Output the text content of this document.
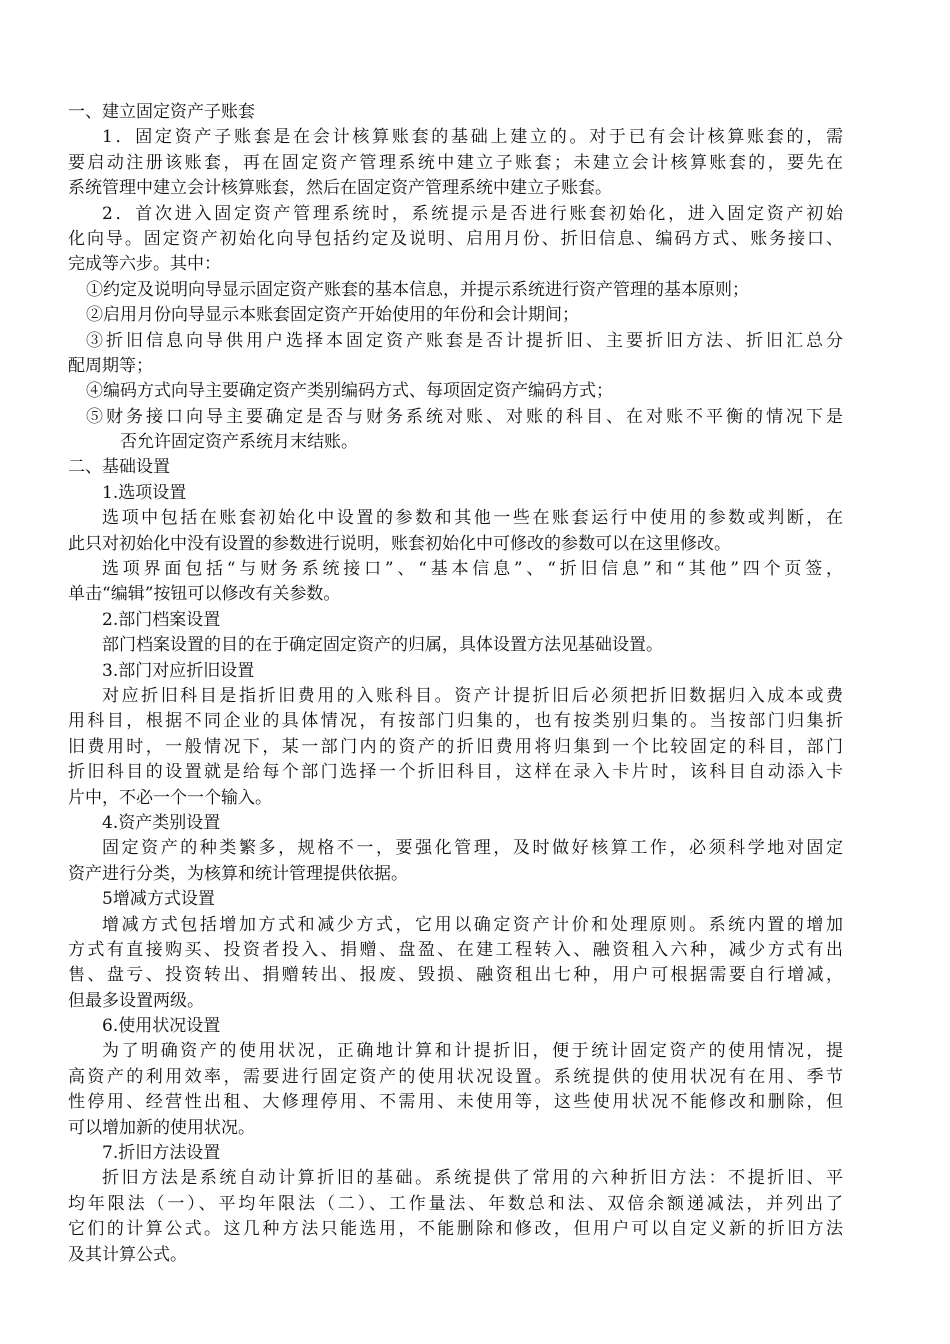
一、建立固定资产子账套
1．固定资产子账套是在会计核算账套的基础上建立的。对于已有会计核算账套的，需
要启动注册该账套，再在固定资产管理系统中建立子账套；未建立会计核算账套的，要先在
系统管理中建立会计核算账套，然后在固定资产管理系统中建立子账套。
2．首次进入固定资产管理系统时，系统提示是否进行账套初始化，进入固定资产初始
化向导。固定资产初始化向导包括约定及说明、启用月份、折旧信息、编码方式、账务接口、
完成等六步。其中：
①约定及说明向导显示固定资产账套的基本信息，并提示系统进行资产管理的基本原则；
②启用月份向导显示本账套固定资产开始使用的年份和会计期间；
③折旧信息向导供用户选择本固定资产账套是否计提折旧、主要折旧方法、折旧汇总分
配周期等；
④编码方式向导主要确定资产类别编码方式、每项固定资产编码方式；
⑤财务接口向导主要确定是否与财务系统对账、对账的科目、在对账不平衡的情况下是
否允许固定资产系统月末结账。
二、基础设置
1.选项设置
选项中包括在账套初始化中设置的参数和其他一些在账套运行中使用的参数或判断，在
此只对初始化中没有设置的参数进行说明，账套初始化中可修改的参数可以在这里修改。
选项界面包括“与财务系统接口”、“基本信息”、“折旧信息”和“其他”四个页签，
单击“编辑”按钮可以修改有关参数。
2.部门档案设置
部门档案设置的目的在于确定固定资产的归属，具体设置方法见基础设置。
3.部门对应折旧设置
对应折旧科目是指折旧费用的入账科目。资产计提折旧后必须把折旧数据归入成本或费
用科目，根据不同企业的具体情况，有按部门归集的，也有按类别归集的。当按部门归集折
旧费用时，一般情况下，某一部门内的资产的折旧费用将归集到一个比较固定的科目，部门
折旧科目的设置就是给每个部门选择一个折旧科目，这样在录入卡片时，该科目自动添入卡
片中，不必一个一个输入。
4.资产类别设置
固定资产的种类繁多，规格不一，要强化管理，及时做好核算工作，必须科学地对固定
资产进行分类，为核算和统计管理提供依据。
5增减方式设置
增减方式包括增加方式和减少方式，它用以确定资产计价和处理原则。系统内置的增加
方式有直接购买、投资者投入、捐赠、盘盈、在建工程转入、融资租入六种，减少方式有出
售、盘亏、投资转出、捐赠转出、报废、毁损、融资租出七种，用户可根据需要自行增减，
但最多设置两级。
6.使用状况设置
为了明确资产的使用状况，正确地计算和计提折旧，便于统计固定资产的使用情况，提
高资产的利用效率，需要进行固定资产的使用状况设置。系统提供的使用状况有在用、季节
性停用、经营性出租、大修理停用、不需用、未使用等，这些使用状况不能修改和删除，但
可以增加新的使用状况。
7.折旧方法设置
折旧方法是系统自动计算折旧的基础。系统提供了常用的六种折旧方法：不提折旧、平
均年限法（一）、平均年限法（二）、工作量法、年数总和法、双倍余额递减法，并列出了
它们的计算公式。这几种方法只能选用，不能删除和修改，但用户可以自定义新的折旧方法
及其计算公式。
